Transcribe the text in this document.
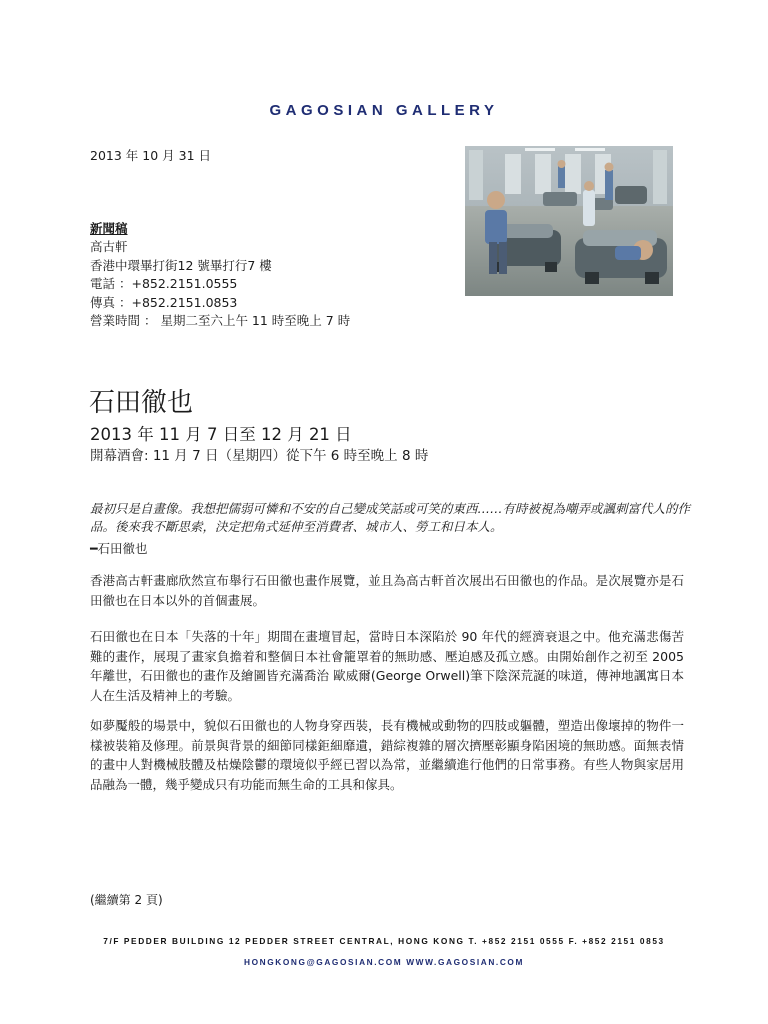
GAGOSIAN GALLERY
2013 年 10 月 31 日
新聞稿
高古軒
香港中環畢打街12 號畢打行7 樓
電話 ：+852.2151.0555
傳真 ：+852.2151.0853
營業時間 ： 星期二至六上午 11 時至晚上 7 時
石田徹也
2013 年 11 月 7 日至 12 月 21 日
開幕酒會: 11 月 7 日（星期四）從下午 6 時至晚上 8 時
最初只是自畫像。我想把儒弱可憐和不安的自己變成笑話或可笑的東西……有時被視為嘲弄或諷刺富代人的作品。後來我不斷思索，決定把角式延伸至消費者、城市人、勞工和日本人。
━石田徹也
香港高古軒畫廊欣然宣布舉行石田徹也畫作展覽，並且為高古軒首次展出石田徹也的作品。是次展覽亦是石田徹也在日本以外的首個畫展。
石田徹也在日本「失落的十年」期間在畫壇冒起，當時日本深陷於 90 年代的經濟衰退之中。他充滿悲傷苦難的畫作，展現了畫家負擔着和整個日本社會籠罩着的無助感、壓迫感及孤立感。由開始創作之初至 2005 年離世，石田徹也的畫作及繪圖皆充滿喬治 歐威爾(George Orwell)筆下陰深荒誕的味道，傳神地諷寓日本人在生活及精神上的考驗。
如夢魘般的場景中，貌似石田徹也的人物身穿西裝，長有機械或動物的四肢或軀體，塑造出像壞掉的物件一樣被裝箱及修理。前景與背景的細節同樣鉅細靡遺，錯綜複雜的層次擠壓彰顯身陷困境的無助感。面無表情的畫中人對機械肢體及枯燥陰鬱的環境似乎經已習以為常，並繼續進行他們的日常事務。有些人物與家居用品融為一體，幾乎變成只有功能而無生命的工具和傢具。
(繼續第 2 頁)
7/F PEDDER BUILDING 12 PEDDER STREET CENTRAL, HONG KONG T. +852 2151 0555 F. +852 2151 0853
HONGKONG@GAGOSIAN.COM WWW.GAGOSIAN.COM
